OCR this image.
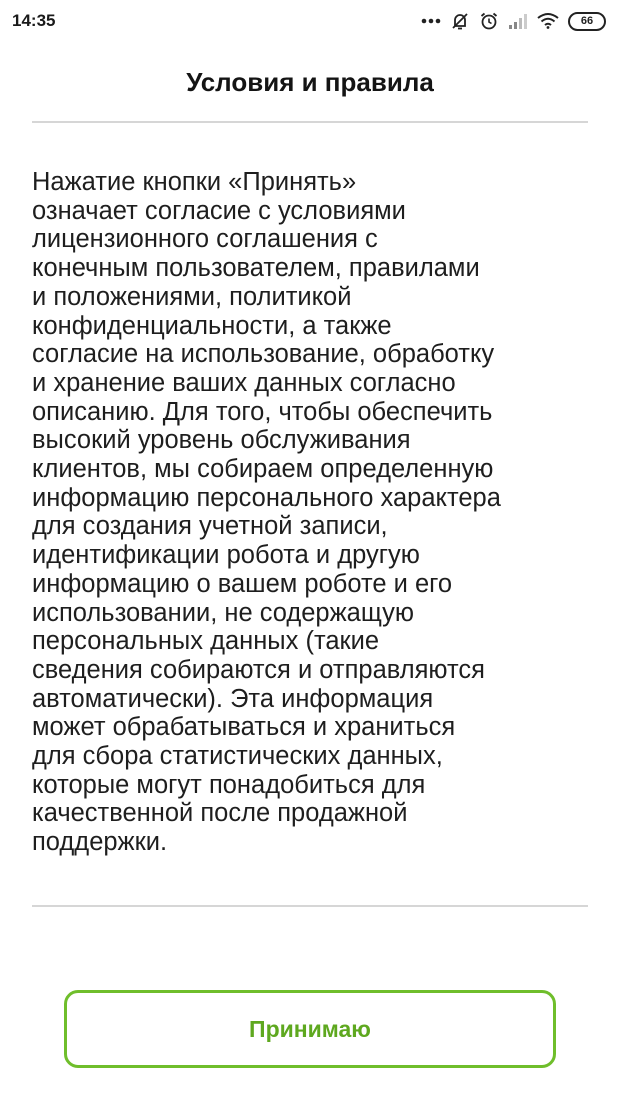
14:35	66
Условия и правила
Нажатие кнопки «Принять»
означает согласие с условиями
лицензионного соглашения с
конечным пользователем, правилами
и положениями, политикой
конфиденциальности, а также
согласие на использование, обработку
и хранение ваших данных согласно
описанию. Для того, чтобы обеспечить
высокий уровень обслуживания
клиентов, мы собираем определенную
информацию персонального характера
для создания учетной записи,
идентификации робота и другую
информацию о вашем роботе и его
использовании, не содержащую
персональных данных (такие
сведения собираются и отправляются
автоматически). Эта информация
может обрабатываться и храниться
для сбора статистических данных,
которые могут понадобиться для
качественной после продажной
поддержки.
Принимаю
